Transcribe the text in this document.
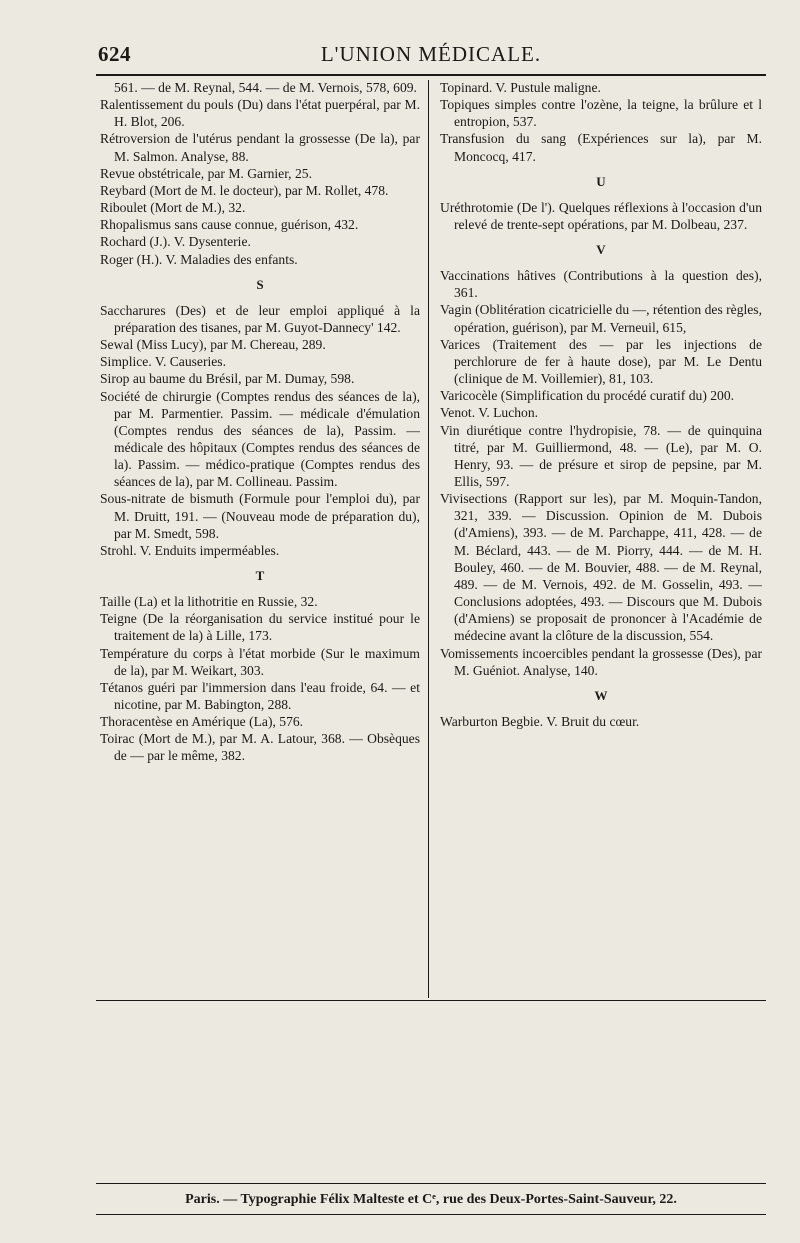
624	L'UNION MÉDICALE.

561. — de M. Reynal, 544. — de M. Vernois, 578, 609.

Ralentissement du pouls (Du) dans l'état puerpéral, par M. H. Blot, 206.

Rétroversion de l'utérus pendant la grossesse (De la), par M. Salmon. Analyse, 88.

Revue obstétricale, par M. Garnier, 25.

Reybard (Mort de M. le docteur), par M. Rollet, 478.

Riboulet (Mort de M.), 32.

Rhopalismus sans cause connue, guérison, 432.

Rochard (J.). V. Dysenterie.

Roger (H.). V. Maladies des enfants.

S

Saccharures (Des) et de leur emploi appliqué à la préparation des tisanes, par M. Guyot-Dannecy' 142.

Sewal (Miss Lucy), par M. Chereau, 289.

Simplice. V. Causeries.

Sirop au baume du Brésil, par M. Dumay, 598.

Société de chirurgie (Comptes rendus des séances de la), par M. Parmentier. Passim. — médicale d'émulation (Comptes rendus des séances de la), Passim. — médicale des hôpitaux (Comptes rendus des séances de la). Passim. — médico-pratique (Comptes rendus des séances de la), par M. Collineau. Passim.

Sous-nitrate de bismuth (Formule pour l'emploi du), par M. Druitt, 191. — (Nouveau mode de préparation du), par M. Smedt, 598.

Strohl. V. Enduits imperméables.

T

Taille (La) et la lithotritie en Russie, 32.

Teigne (De la réorganisation du service institué pour le traitement de la) à Lille, 173.

Température du corps à l'état morbide (Sur le maximum de la), par M. Weikart, 303.

Tétanos guéri par l'immersion dans l'eau froide, 64. — et nicotine, par M. Babington, 288.

Thoracentèse en Amérique (La), 576.

Toirac (Mort de M.), par M. A. Latour, 368. — Obsèques de — par le même, 382.

Topinard. V. Pustule maligne.

Topiques simples contre l'ozène, la teigne, la brûlure et l entropion, 537.

Transfusion du sang (Expériences sur la), par M. Moncocq, 417.

U

Uréthrotomie (De l'). Quelques réflexions à l'occasion d'un relevé de trente-sept opérations, par M. Dolbeau, 237.

V

Vaccinations hâtives (Contributions à la question des), 361.

Vagin (Oblitération cicatricielle du —, rétention des règles, opération, guérison), par M. Verneuil, 615,

Varices (Traitement des — par les injections de perchlorure de fer à haute dose), par M. Le Dentu (clinique de M. Voillemier), 81, 103.

Varicocèle (Simplification du procédé curatif du) 200.

Venot. V. Luchon.

Vin diurétique contre l'hydropisie, 78. — de quinquina titré, par M. Guilliermond, 48. — (Le), par M. O. Henry, 93. — de présure et sirop de pepsine, par M. Ellis, 597.

Vivisections (Rapport sur les), par M. Moquin-Tandon, 321, 339. — Discussion. Opinion de M. Dubois (d'Amiens), 393. — de M. Parchappe, 411, 428. — de M. Béclard, 443. — de M. Piorry, 444. — de M. H. Bouley, 460. — de M. Bouvier, 488. — de M. Reynal, 489. — de M. Vernois, 492. de M. Gosselin, 493. — Conclusions adoptées, 493. — Discours que M. Dubois (d'Amiens) se proposait de prononcer à l'Académie de médecine avant la clôture de la discussion, 554.

Vomissements incoercibles pendant la grossesse (Des), par M. Guéniot. Analyse, 140.

W

Warburton Begbie. V. Bruit du cœur.

Paris. — Typographie Félix Malteste et Cᵉ, rue des Deux-Portes-Saint-Sauveur, 22.
